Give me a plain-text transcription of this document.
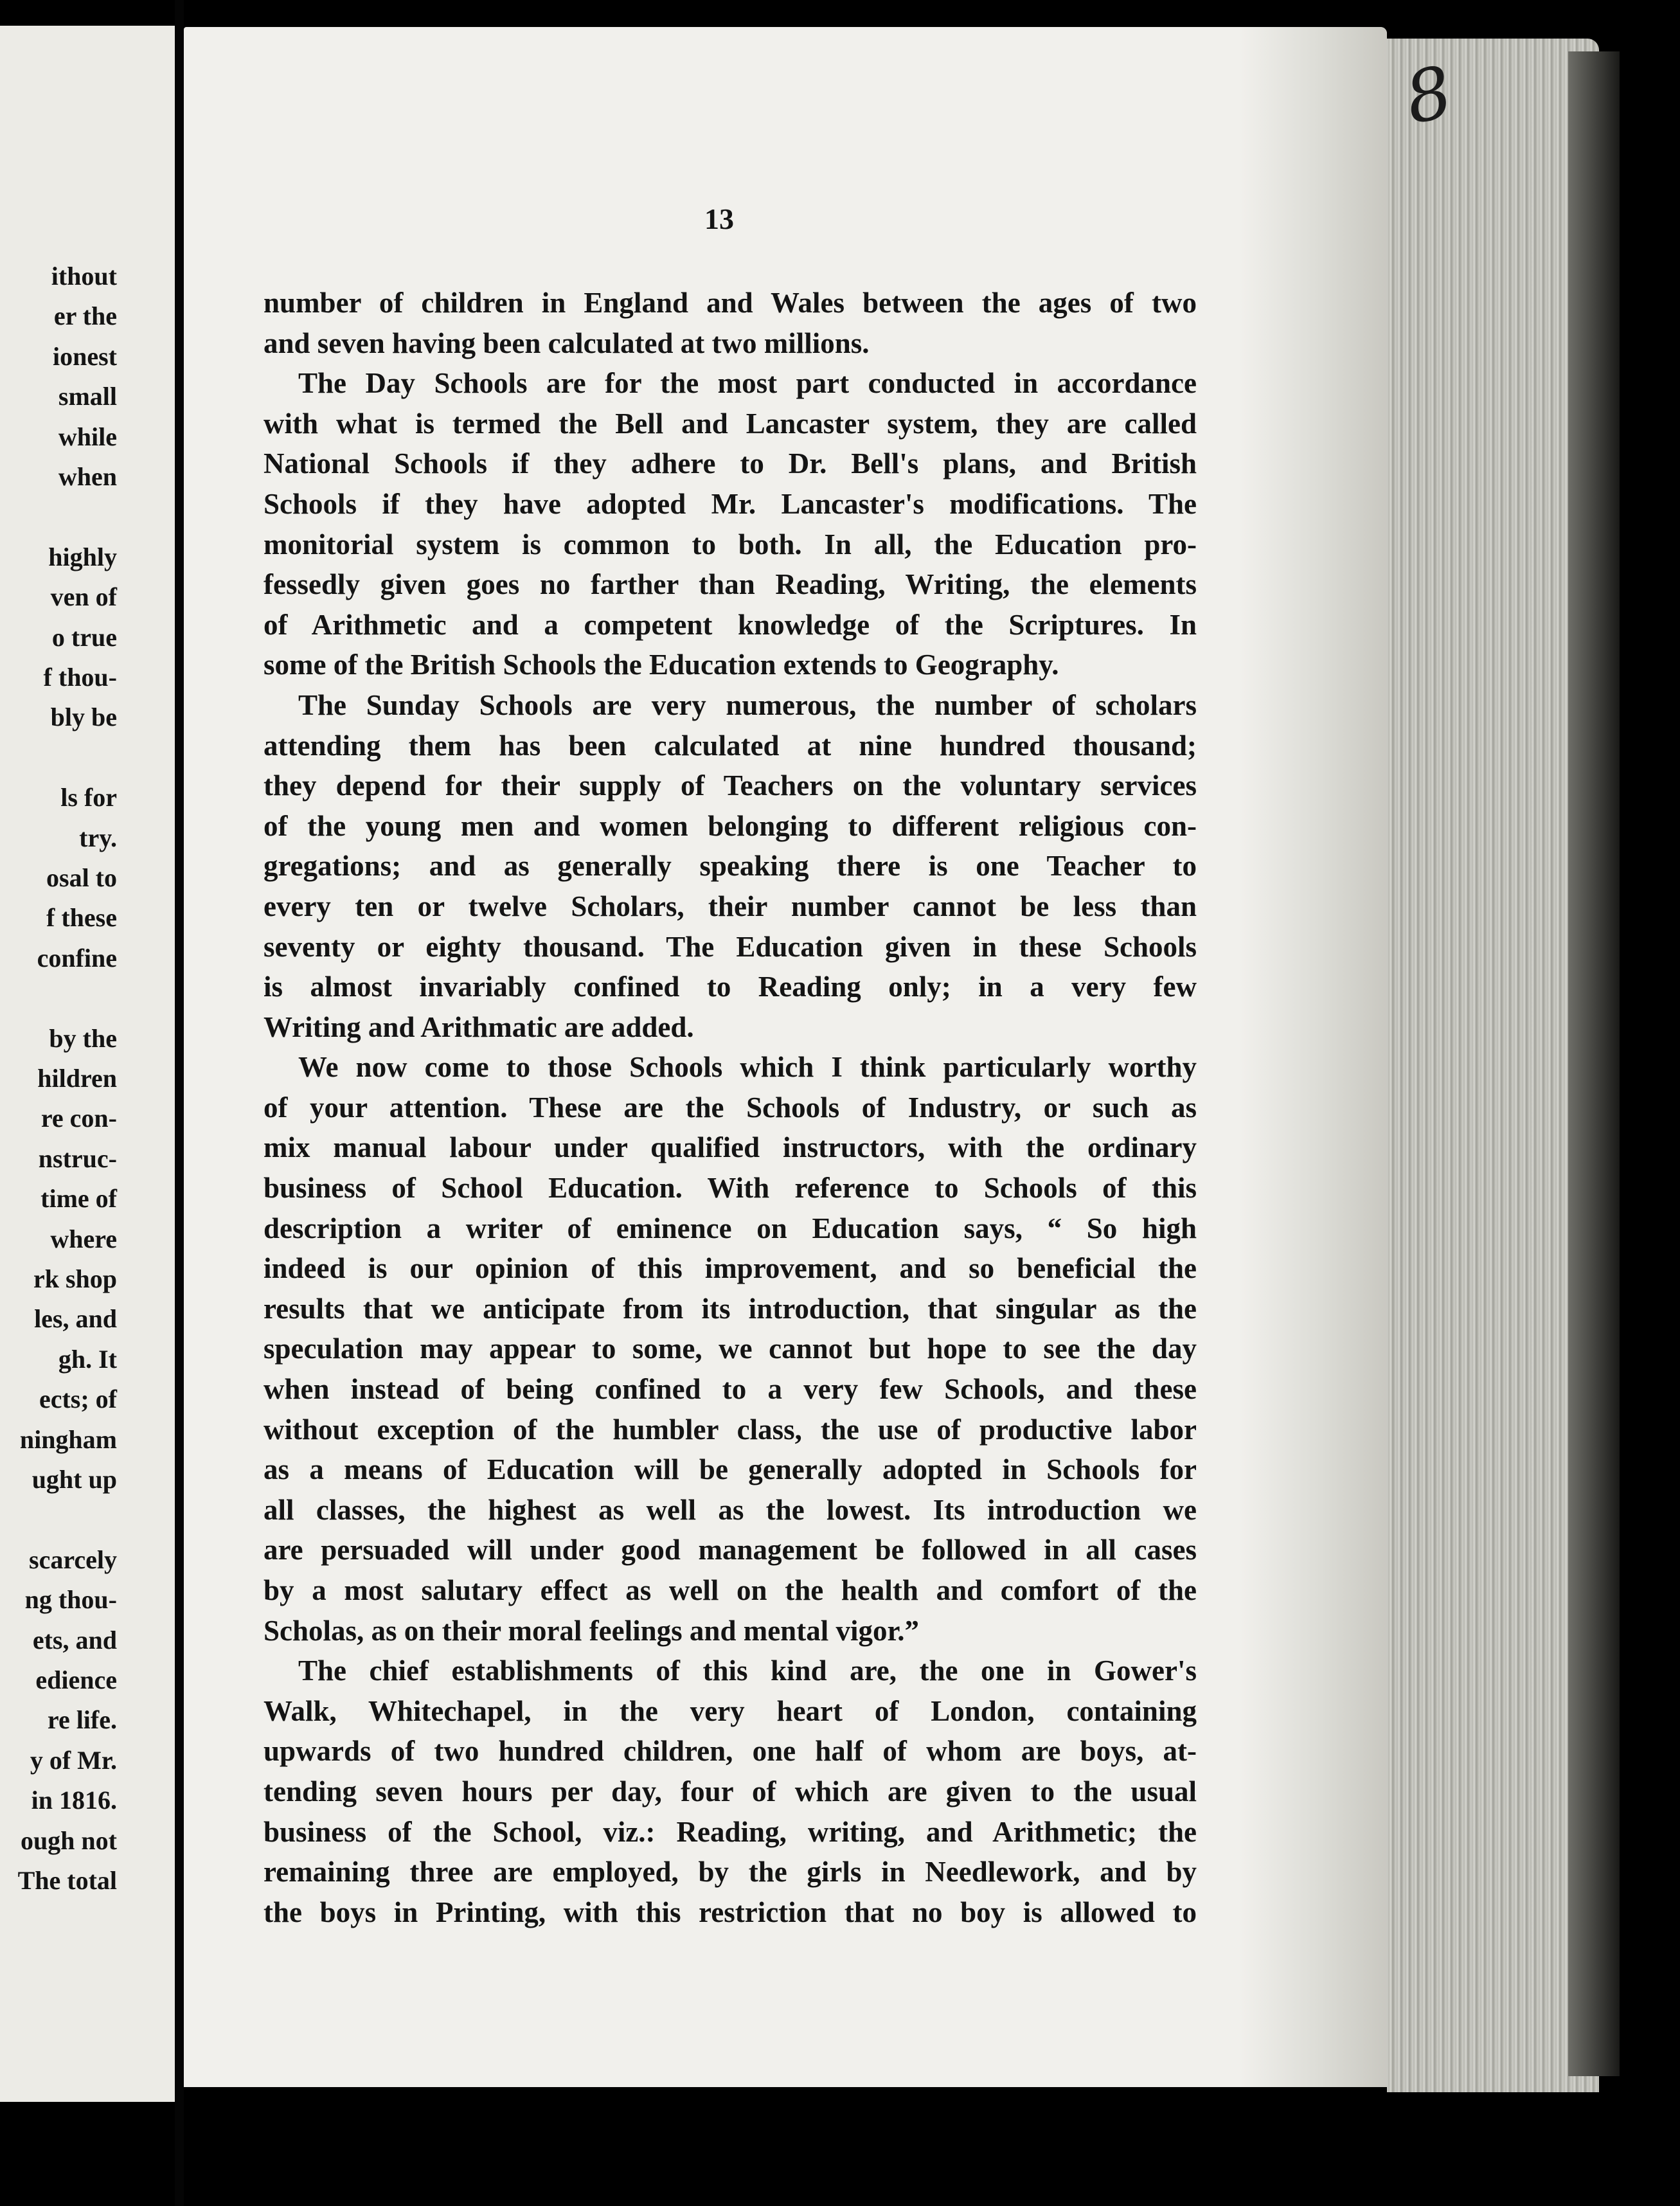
ithout
er the
ionest
small
while
when
highly
ven of
o true
f thou-
bly be
ls for
try.
osal to
f these
confine
by the
hildren
re con-
nstruc-
time of
where
rk shop
les, and
gh. It
ects; of
ningham
ught up
scarcely
ng thou-
ets, and
edience
re life.
y of Mr.
in 1816.
ough not
The total
13
number of children in England and Wales between the ages of two
and seven having been calculated at two millions.
The Day Schools are for the most part conducted in accordance
with what is termed the Bell and Lancaster system, they are called
National Schools if they adhere to Dr. Bell's plans, and British
Schools if they have adopted Mr. Lancaster's modifications. The
monitorial system is common to both. In all, the Education pro-
fessedly given goes no farther than Reading, Writing, the elements
of Arithmetic and a competent knowledge of the Scriptures. In
some of the British Schools the Education extends to Geography.
The Sunday Schools are very numerous, the number of scholars
attending them has been calculated at nine hundred thousand;
they depend for their supply of Teachers on the voluntary services
of the young men and women belonging to different religious con-
gregations; and as generally speaking there is one Teacher to
every ten or twelve Scholars, their number cannot be less than
seventy or eighty thousand. The Education given in these Schools
is almost invariably confined to Reading only; in a very few
Writing and Arithmatic are added.
We now come to those Schools which I think particularly worthy
of your attention. These are the Schools of Industry, or such as
mix manual labour under qualified instructors, with the ordinary
business of School Education. With reference to Schools of this
description a writer of eminence on Education says, “ So high
indeed is our opinion of this improvement, and so beneficial the
results that we anticipate from its introduction, that singular as the
speculation may appear to some, we cannot but hope to see the day
when instead of being confined to a very few Schools, and these
without exception of the humbler class, the use of productive labor
as a means of Education will be generally adopted in Schools for
all classes, the highest as well as the lowest. Its introduction we
are persuaded will under good management be followed in all cases
by a most salutary effect as well on the health and comfort of the
Scholas, as on their moral feelings and mental vigor.”
The chief establishments of this kind are, the one in Gower's
Walk, Whitechapel, in the very heart of London, containing
upwards of two hundred children, one half of whom are boys, at-
tending seven hours per day, four of which are given to the usual
business of the School, viz.: Reading, writing, and Arithmetic; the
remaining three are employed, by the girls in Needlework, and by
the boys in Printing, with this restriction that no boy is allowed to
8
